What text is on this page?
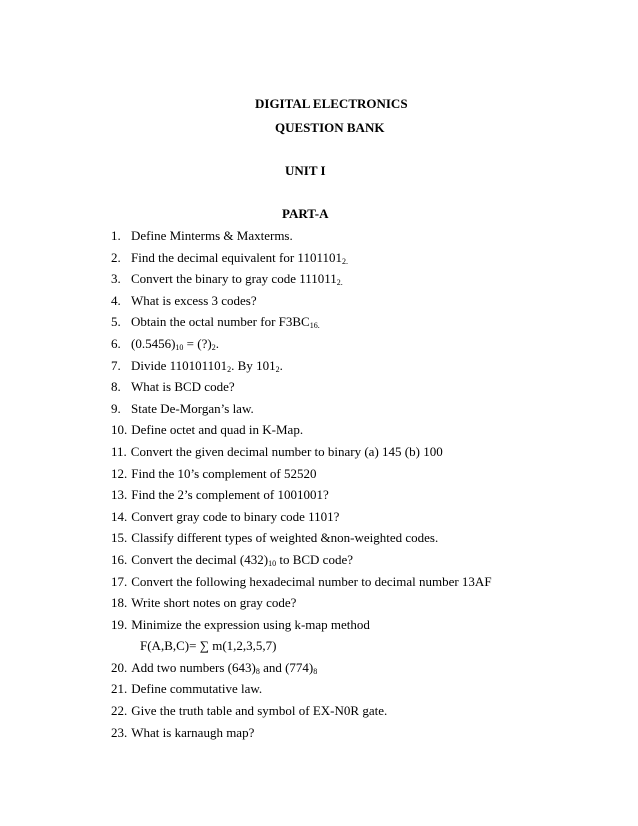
DIGITAL ELECTRONICS
QUESTION BANK
UNIT I
PART-A
1. Define Minterms & Maxterms.
2. Find the decimal equivalent for $1101101_{2.}$
3. Convert the binary to gray code $111011_{2.}$
4. What is excess 3 codes?
5. Obtain the octal number for $F3BC_{16.}$
6. $(0.5456)_{10}$ = $(?)_2$.
7. Divide $110101101_2$. By $101_2$.
8. What is BCD code?
9. State De-Morgan’s law.
10. Define octet and quad in K-Map.
11. Convert the given decimal number to binary (a) 145 (b) 100
12. Find the 10’s complement of 52520
13. Find the 2’s complement of 1001001?
14. Convert gray code to binary code 1101?
15. Classify different types of weighted &non-weighted codes.
16. Convert the decimal $(432)_{10}$ to BCD code?
17. Convert the following hexadecimal number to decimal number 13AF
18. Write short notes on gray code?
19. Minimize the expression using k-map method
F(A,B,C)= ∑ m(1,2,3,5,7)
20. Add two numbers $(643)_8$ and $(774)_8$
21. Define commutative law.
22. Give the truth table and symbol of EX-N0R gate.
23. What is karnaugh map?
